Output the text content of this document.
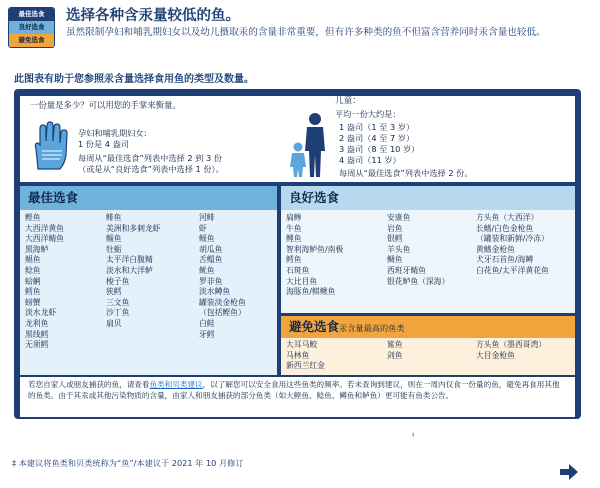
最佳选食
良好选食
避免选食
选择各种含汞量较低的鱼。
虽然限制孕妇和哺乳期妇女以及幼儿摄取汞的含量非常重要，但有许多种类的鱼不但富含营养同时汞含量也较低。
此图表有助于您参照汞含量选择食用鱼的类型及数量。
一份量是多少？可以用您的手掌来衡量。
孕妇和哺乳期妇女：
1 份是 4 盎司
每周从“最佳选食”列表中选择 2 到 3 份
（或是从“良好选食”列表中选择 1 份）。
儿童：
平均一份大约是：
1 盎司（1 至 3 岁）
2 盎司（4 至 7 岁）
3 盎司（8 至 10 岁）
4 盎司（11 岁）
每周从“最佳选食”列表中选择 2 份。
最佳选食
鲣鱼
大西洋黄鱼
大西洋鲭鱼
黑海鲈
鲳鱼
鲶鱼
蛤蜊
鳕鱼
螃蟹
淡水龙虾
龙利鱼
黑线鳕
无须鳕
鲱鱼
美洲和多刺龙虾
鲻鱼
牡蛎
太平洋白腹鲭
淡水和大洋鲈
梭子鱼
狭鳕
三文鱼
沙丁鱼
扇贝
河鲱
虾
鳐鱼
胡瓜鱼
舌鳎鱼
鱿鱼
罗非鱼
淡水鳟鱼
罐装淡金枪鱼
（包括鲣鱼）
白鲑
牙鳕
良好选食
扁鲹
牛鱼
鲤鱼
智利海鲈鱼/南极
鳕鱼
石斑鱼
大比目鱼
海豚鱼/鲯鳅鱼
安康鱼
岩鱼
银鳕
羊头鱼
鲷鱼
西班牙鲭鱼
银花鲈鱼（深海）
方头鱼（大西洋）
长鳍/白色金枪鱼
（罐装和新鲜/冷冻）
黄鳍金枪鱼
犬牙石首鱼/海鳟
白花鱼/太平洋黄花鱼
避免选食汞含量最高的鱼类
大耳马鲛
马林鱼
新西兰红金
鲨鱼
剑鱼
方头鱼（墨西哥湾）
大目金枪鱼
若您自家人或朋友捕获的鱼，请查看鱼类和贝类建议，以了解您可以安全食用这些鱼类的频率。若未查询到建议，则在一周内仅食一份量的鱼，避免再食用其他的鱼类。由于其汞或其他污染物质的含量，由家人和朋友捕获的部分鱼类（如大鲣鱼、鲶鱼、鳟鱼和鲈鱼）更可能有鱼类公告。
www.FDA.gov/fishadvice
www.EPA.gov/fishadvice ⚕
U.S. FOOD & DRUG
ADMINISTRATION
EPA United States
Environmental Protection
Agency
‡ 本建议将鱼类和贝类统称为“鱼”/本建议于 2021 年 10 月修订
